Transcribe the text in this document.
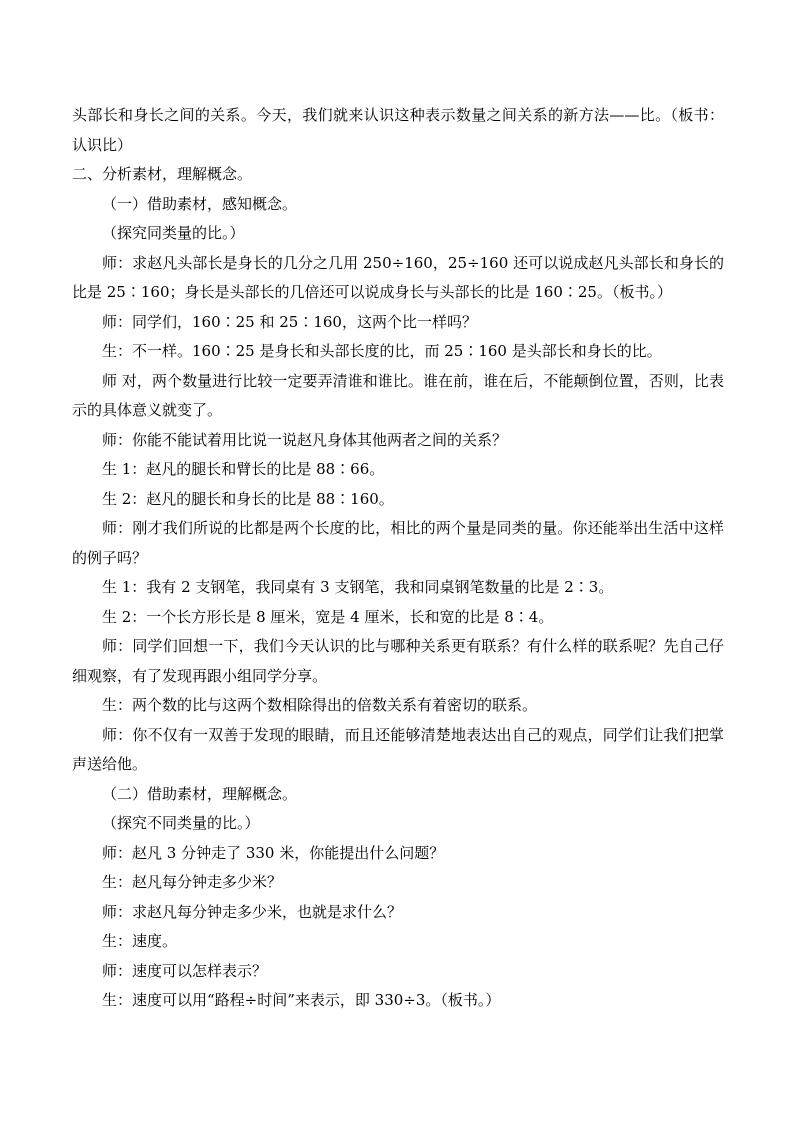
头部长和身长之间的关系。今天，我们就来认识这种表示数量之间关系的新方法——比。（板书：认识比）

二、分析素材，理解概念。

（一）借助素材，感知概念。

（探究同类量的比。）

师：求赵凡头部长是身长的几分之几用 250÷160，25÷160 还可以说成赵凡头部长和身长的比是 25∶160；身长是头部长的几倍还可以说成身长与头部长的比是 160∶25。（板书。）

师：同学们，160∶25 和 25∶160，这两个比一样吗？

生：不一样。160∶25 是身长和头部长度的比，而 25∶160 是头部长和身长的比。

师 对，两个数量进行比较一定要弄清谁和谁比。谁在前，谁在后，不能颠倒位置，否则，比表示的具体意义就变了。

师：你能不能试着用比说一说赵凡身体其他两者之间的关系？

生 1：赵凡的腿长和臂长的比是 88∶66。

生 2：赵凡的腿长和身长的比是 88∶160。

师：刚才我们所说的比都是两个长度的比，相比的两个量是同类的量。你还能举出生活中这样的例子吗？

生 1：我有 2 支钢笔，我同桌有 3 支钢笔，我和同桌钢笔数量的比是 2∶3。

生 2：一个长方形长是 8 厘米，宽是 4 厘米，长和宽的比是 8∶4。

师：同学们回想一下，我们今天认识的比与哪种关系更有联系？有什么样的联系呢？先自己仔细观察，有了发现再跟小组同学分享。

生：两个数的比与这两个数相除得出的倍数关系有着密切的联系。

师：你不仅有一双善于发现的眼睛，而且还能够清楚地表达出自己的观点，同学们让我们把掌声送给他。

（二）借助素材，理解概念。

（探究不同类量的比。）

师：赵凡 3 分钟走了 330 米，你能提出什么问题？

生：赵凡每分钟走多少米？

师：求赵凡每分钟走多少米，也就是求什么？

生：速度。

师：速度可以怎样表示？

生：速度可以用“路程÷时间”来表示，即 330÷3。（板书。）
